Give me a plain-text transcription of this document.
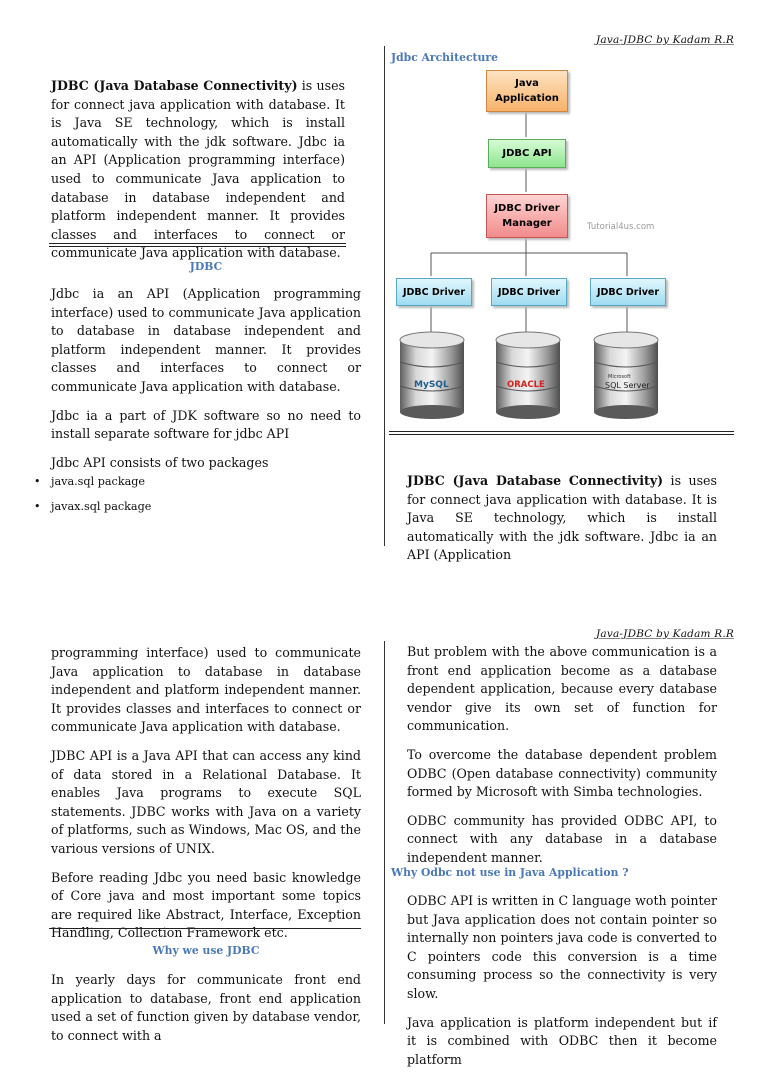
Java-JDBC by Kadam R.R

JDBC (Java Database Connectivity) is uses for connect java application with database. It is Java SE technology, which is install automatically with the jdk software. Jdbc ia an API (Application programming interface) used to communicate Java application to database in database independent and platform independent manner. It provides classes and interfaces to connect or communicate Java application with database.

JDBC

Jdbc ia an API (Application programming interface) used to communicate Java application to database in database independent and platform independent manner. It provides classes and interfaces to connect or communicate Java application with database.

Jdbc ia a part of JDK software so no need to install separate software for jdbc API

Jdbc API consists of two packages

• java.sql package
• javax.sql package
Jdbc Architecture
Java Application
JDBC API
JDBC Driver Manager	Tutorial4us.com
JDBC Driver	JDBC Driver	JDBC Driver
MySQL	ORACLE
Microsoft
SQL Server

JDBC (Java Database Connectivity) is uses for connect java application with database. It is Java SE technology, which is install automatically with the jdk software. Jdbc ia an API (Application

Java-JDBC by Kadam R.R

programming interface) used to communicate Java application to database in database independent and platform independent manner. It provides classes and interfaces to connect or communicate Java application with database.

JDBC API is a Java API that can access any kind of data stored in a Relational Database. It enables Java programs to execute SQL statements. JDBC works with Java on a variety of platforms, such as Windows, Mac OS, and the various versions of UNIX.

Before reading Jdbc you need basic knowledge of Core java and most important some topics are required like Abstract, Interface, Exception Handling, Collection Framework etc.

Why we use JDBC

In yearly days for communicate front end application to database, front end application used a set of function given by database vendor, to connect with a

But problem with the above communication is a front end application become as a database dependent application, because every database vendor give its own set of function for communication.

To overcome the database dependent problem ODBC (Open database connectivity) community formed by Microsoft with Simba technologies.

ODBC community has provided ODBC API, to connect with any database in a database independent manner.

Why Odbc not use in Java Application ?

ODBC API is written in C language woth pointer but Java application does not contain pointer so internally non pointers java code is converted to C pointers code this conversion is a time consuming process so the connectivity is very slow.

Java application is platform independent but if it is combined with ODBC then it become platform
